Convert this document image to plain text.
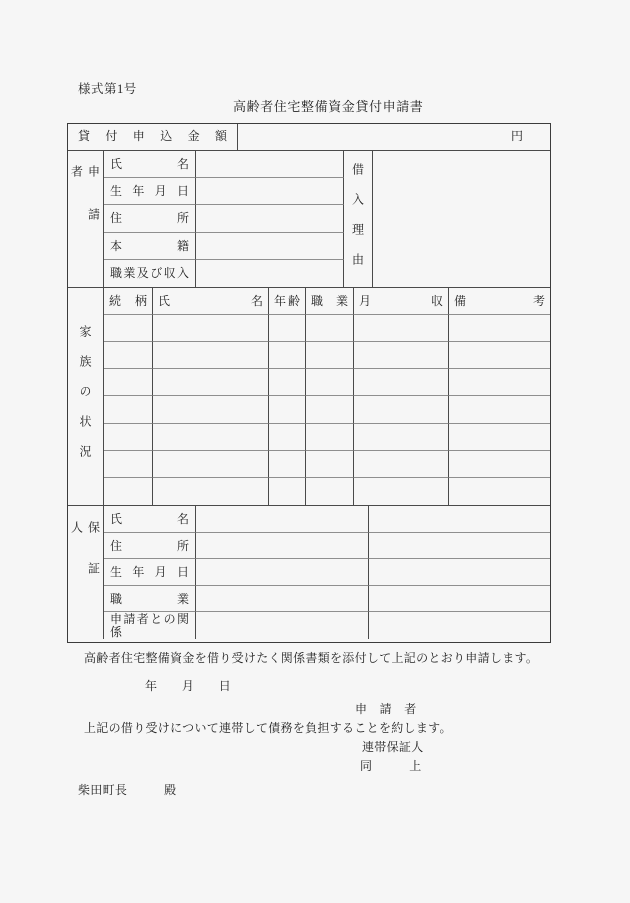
様式第1号
高齢者住宅整備資金貸付申請書
貸付申込金額	円
申請者
氏名
生年月日
住所
本籍
職業及び収入	借入理由
家族の状況
続柄 氏名 年齢 職業 月収 備考
保証人
氏名
住所
生年月日
職業
申請者との関係
高齢者住宅整備資金を借り受けたく関係書類を添付して上記のとおり申請します。
年　　月　　日
申　請　者
上記の借り受けについて連帯して債務を負担することを約します。
連帯保証人
同　　　上
柴田町長　　　殿
